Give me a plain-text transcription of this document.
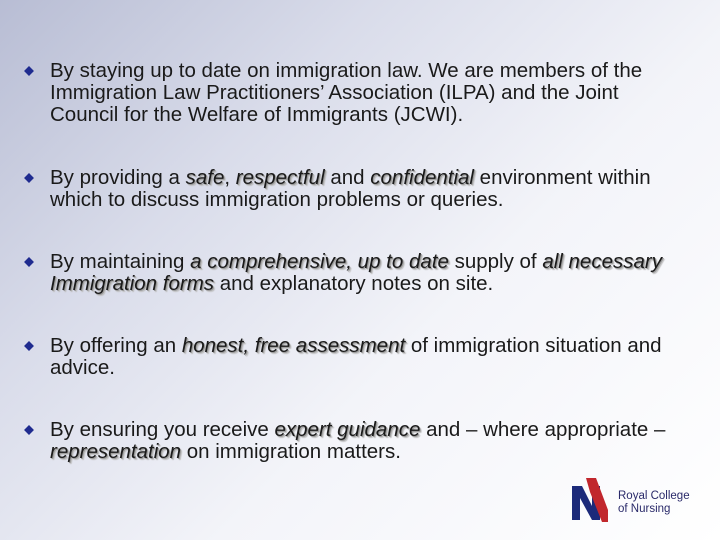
By staying up to date on immigration law. We are members of the Immigration Law Practitioners’ Association (ILPA) and the Joint Council for the Welfare of Immigrants (JCWI).
By providing a safe, respectful and confidential environment within which to discuss immigration problems or queries.
By maintaining a comprehensive, up to date supply of all necessary Immigration forms and explanatory notes on site.
By offering an honest, free assessment of immigration situation and advice.
By ensuring you receive expert guidance and – where appropriate – representation on immigration matters.
Royal College
of Nursing
